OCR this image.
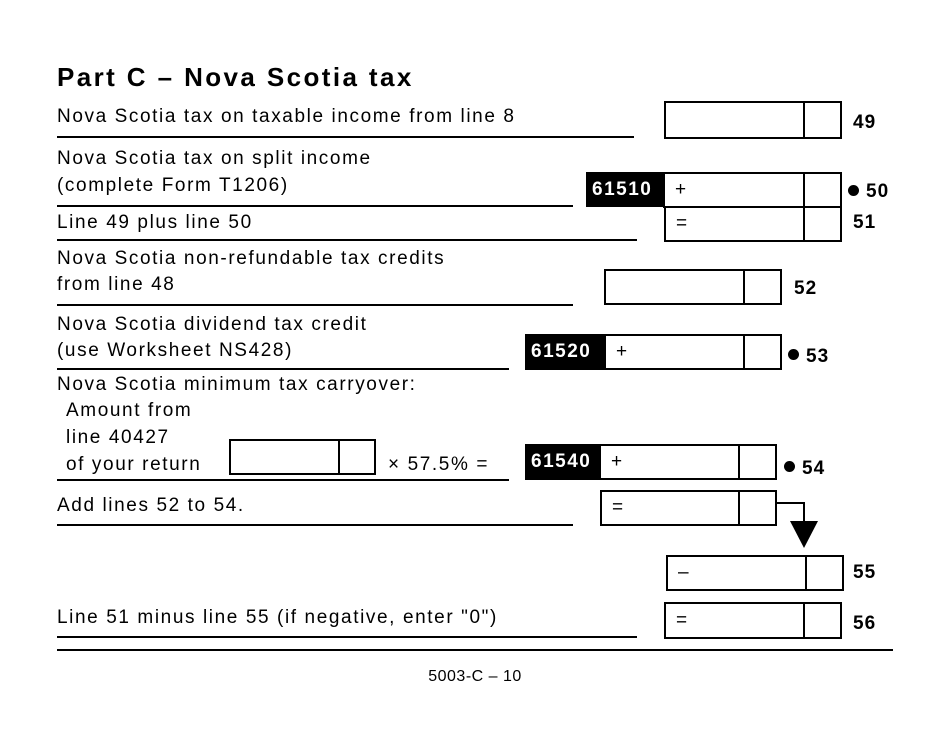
Part C – Nova Scotia tax
Nova Scotia tax on taxable income from line 8	49
Nova Scotia tax on split income
(complete Form T1206)	61510	+	50
Line 49 plus line 50	=	51
Nova Scotia non-refundable tax credits
from line 48	52
Nova Scotia dividend tax credit
(use Worksheet NS428)	61520	+	53
Nova Scotia minimum tax carryover:
Amount from
line 40427
of your return	× 57.5% =	61540	+	54
Add lines 52 to 54.	=
–	55
Line 51 minus line 55 (if negative, enter "0")	=	56
5003-C – 10
